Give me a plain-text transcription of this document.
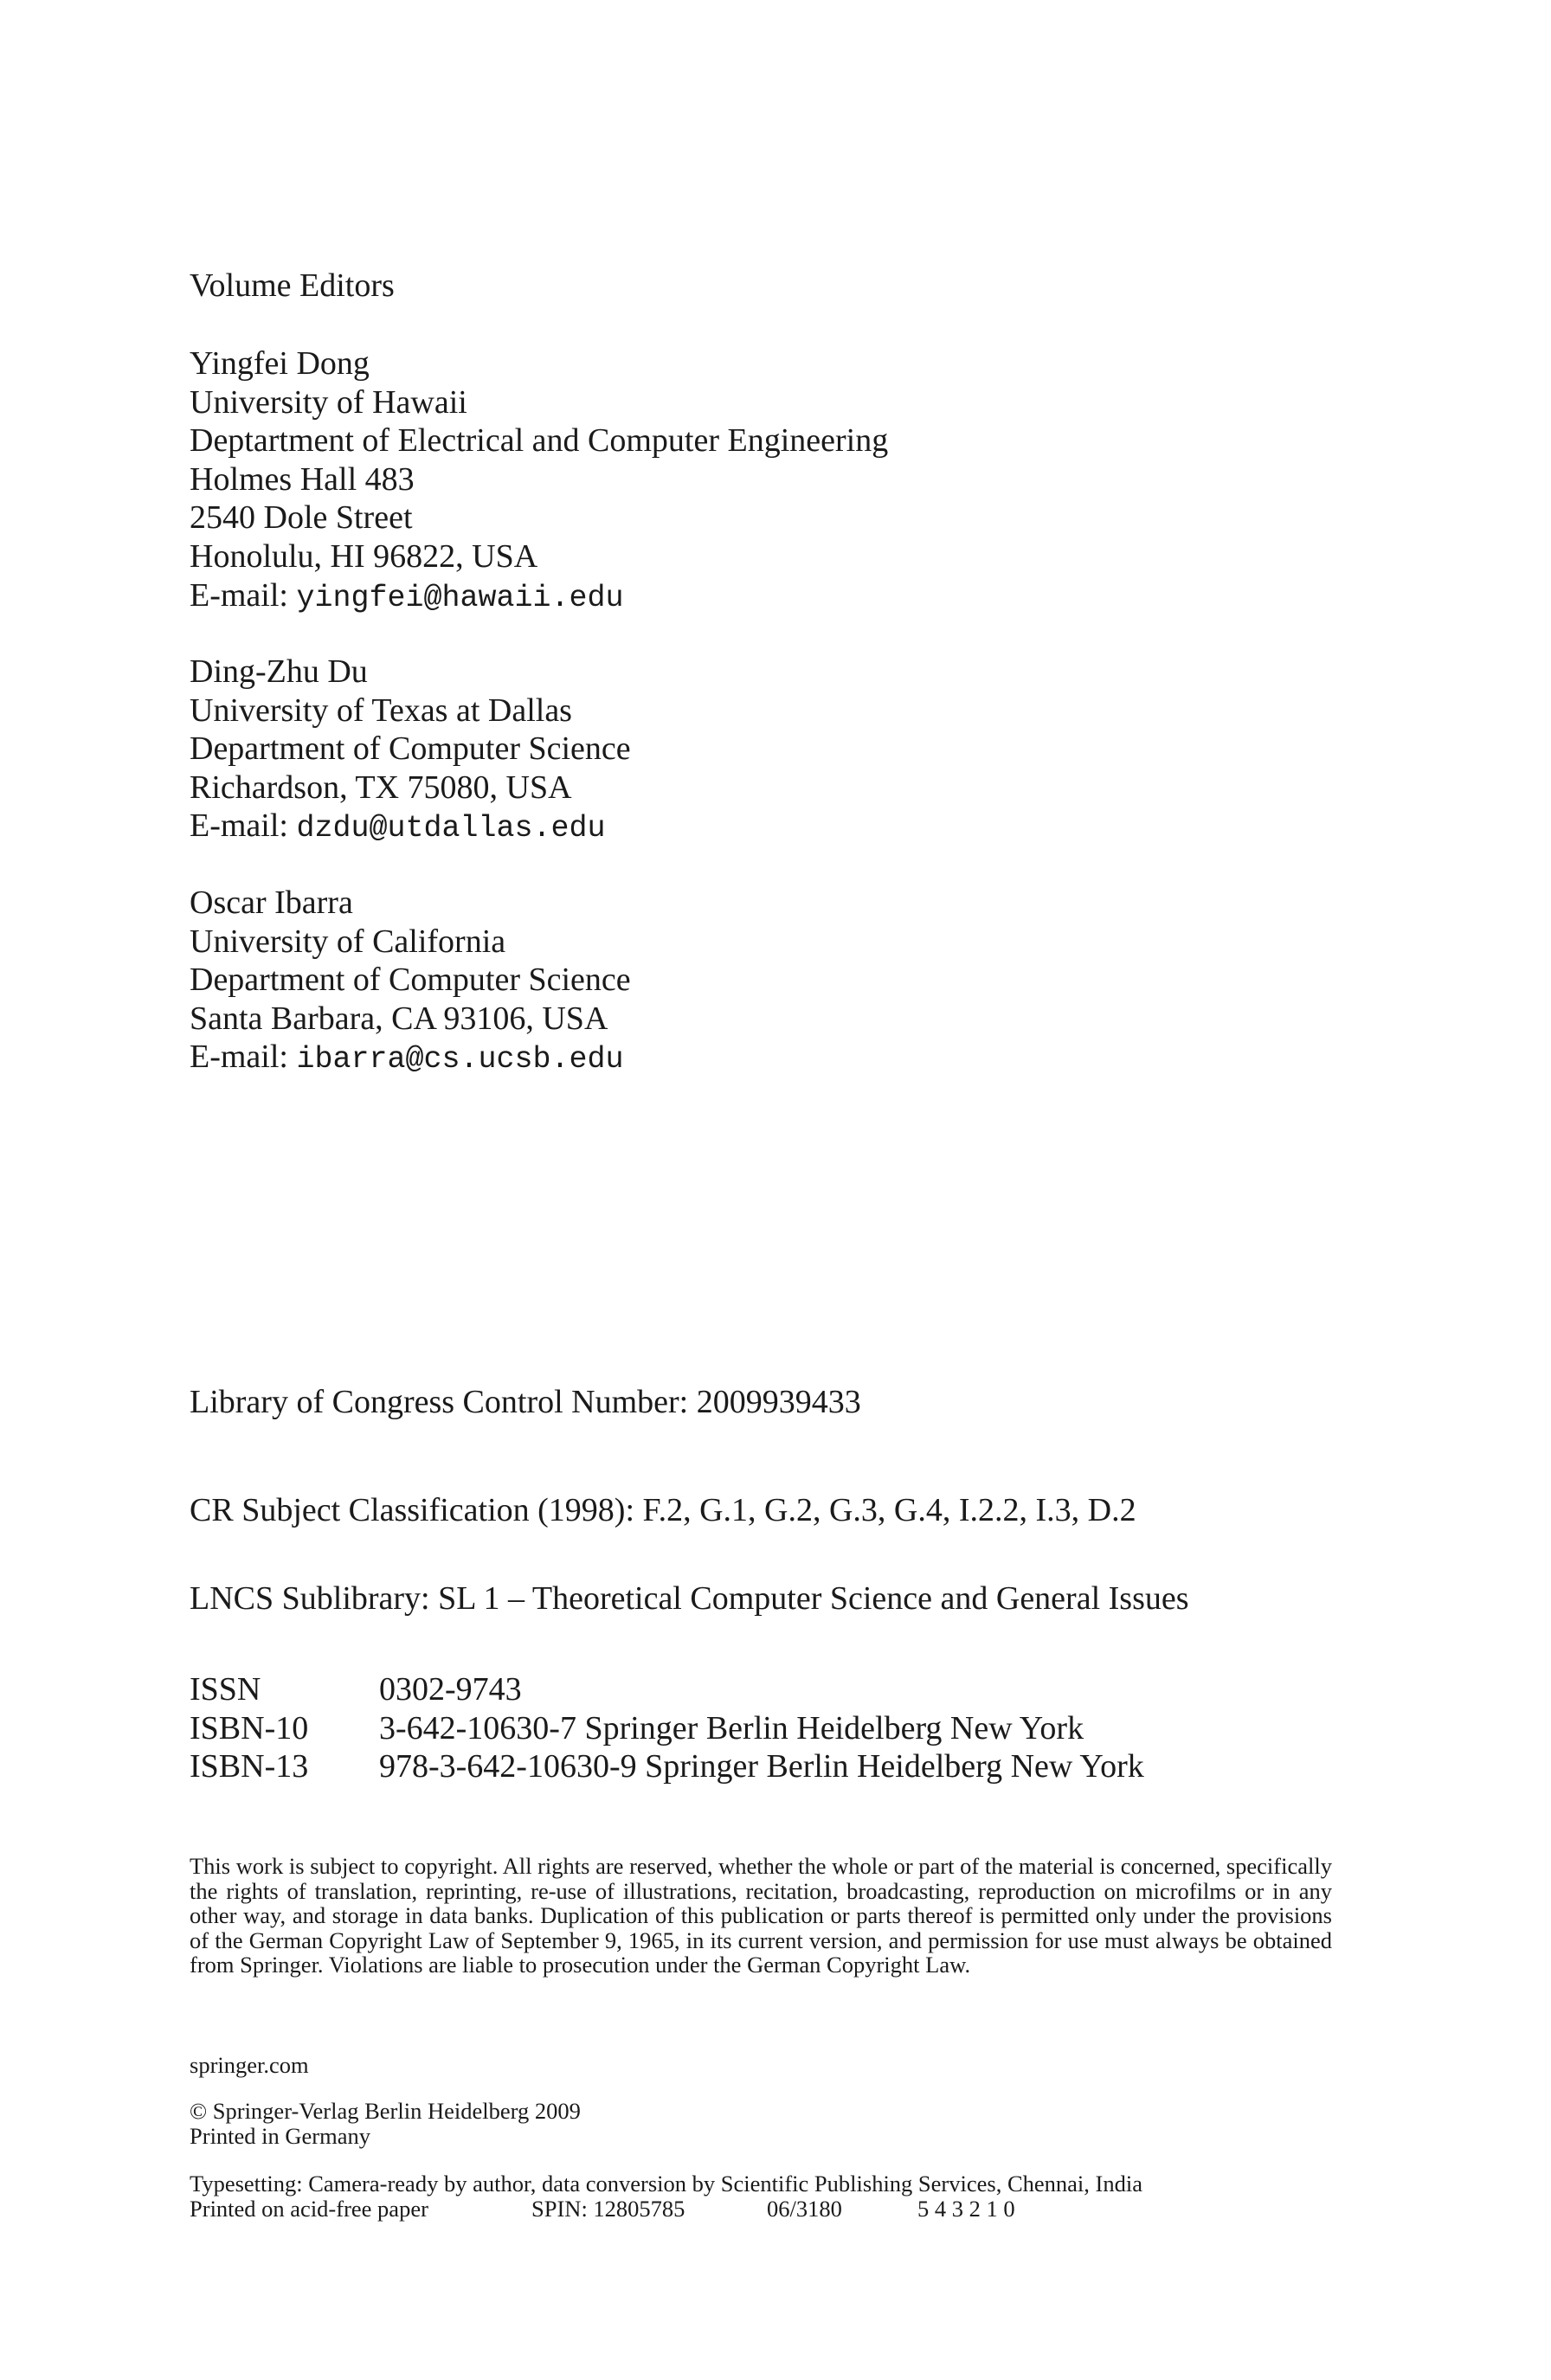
Volume Editors
Yingfei Dong
University of Hawaii
Deptartment of Electrical and Computer Engineering
Holmes Hall 483
2540 Dole Street
Honolulu, HI 96822, USA
E-mail: yingfei@hawaii.edu
Ding-Zhu Du
University of Texas at Dallas
Department of Computer Science
Richardson, TX 75080, USA
E-mail: dzdu@utdallas.edu
Oscar Ibarra
University of California
Department of Computer Science
Santa Barbara, CA 93106, USA
E-mail: ibarra@cs.ucsb.edu
Library of Congress Control Number: 2009939433
CR Subject Classification (1998): F.2, G.1, G.2, G.3, G.4, I.2.2, I.3, D.2
LNCS Sublibrary: SL 1 – Theoretical Computer Science and General Issues
ISSN	0302-9743
ISBN-10	3-642-10630-7 Springer Berlin Heidelberg New York
ISBN-13	978-3-642-10630-9 Springer Berlin Heidelberg New York
This work is subject to copyright. All rights are reserved, whether the whole or part of the material is concerned, specifically the rights of translation, reprinting, re-use of illustrations, recitation, broadcasting, reproduction on microfilms or in any other way, and storage in data banks. Duplication of this publication or parts thereof is permitted only under the provisions of the German Copyright Law of September 9, 1965, in its current version, and permission for use must always be obtained from Springer. Violations are liable to prosecution under the German Copyright Law.
springer.com
© Springer-Verlag Berlin Heidelberg 2009
Printed in Germany
Typesetting: Camera-ready by author, data conversion by Scientific Publishing Services, Chennai, India
Printed on acid-free paper	SPIN: 12805785	06/3180	5 4 3 2 1 0
